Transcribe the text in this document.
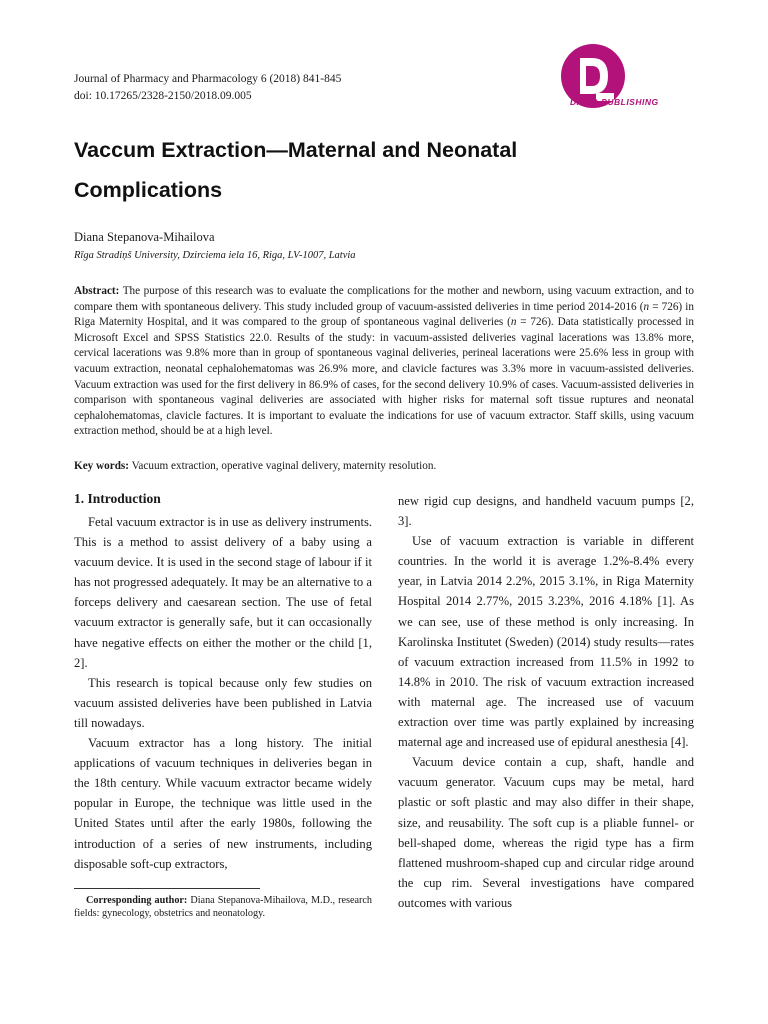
Journal of Pharmacy and Pharmacology 6 (2018) 841-845
doi: 10.17265/2328-2150/2018.09.005	DAVID PUBLISHING
Vaccum Extraction—Maternal and Neonatal
Complications
Diana Stepanova-Mihailova
Rīga Stradiņš University, Dzirciema iela 16, Riga, LV-1007, Latvia
Abstract: The purpose of this research was to evaluate the complications for the mother and newborn, using vacuum extraction, and to compare them with spontaneous delivery. This study included group of vacuum-assisted deliveries in time period 2014-2016 (n = 726) in Riga Maternity Hospital, and it was compared to the group of spontaneous vaginal deliveries (n = 726). Data statistically processed in Microsoft Excel and SPSS Statistics 22.0. Results of the study: in vacuum-assisted deliveries vaginal lacerations was 13.8% more, cervical lacerations was 9.8% more than in group of spontaneous vaginal deliveries, perineal lacerations were 25.6% less in group with vacuum extraction, neonatal cephalohematomas was 26.9% more, and clavicle factures was 3.3% more in vacuum-assisted deliveries. Vacuum extraction was used for the first delivery in 86.9% of cases, for the second delivery 10.9% of cases. Vacuum-assisted deliveries in comparison with spontaneous vaginal deliveries are associated with higher risks for maternal soft tissue ruptures and neonatal cephalohematomas, clavicle factures. It is important to evaluate the indications for use of vacuum extractor. Staff skills, using vacuum extraction method, should be at a high level.
Key words: Vacuum extraction, operative vaginal delivery, maternity resolution.
1. Introduction

Fetal vacuum extractor is in use as delivery instruments. This is a method to assist delivery of a baby using a vacuum device. It is used in the second stage of labour if it has not progressed adequately. It may be an alternative to a forceps delivery and caesarean section. The use of fetal vacuum extractor is generally safe, but it can occasionally have negative effects on either the mother or the child [1, 2].

This research is topical because only few studies on vacuum assisted deliveries have been published in Latvia till nowadays.

Vacuum extractor has a long history. The initial applications of vacuum techniques in deliveries began in the 18th century. While vacuum extractor became widely popular in Europe, the technique was little used in the United States until after the early 1980s, following the introduction of a series of new instruments, including disposable soft-cup extractors,

new rigid cup designs, and handheld vacuum pumps [2, 3].

Use of vacuum extraction is variable in different countries. In the world it is average 1.2%-8.4% every year, in Latvia 2014 2.2%, 2015 3.1%, in Riga Maternity Hospital 2014 2.77%, 2015 3.23%, 2016 4.18% [1]. As we can see, use of these method is only increasing. In Karolinska Institutet (Sweden) (2014) study results—rates of vacuum extraction increased from 11.5% in 1992 to 14.8% in 2010. The risk of vacuum extraction increased with maternal age. The increased use of vacuum extraction over time was partly explained by increasing maternal age and increased use of epidural anesthesia [4].

Vacuum device contain a cup, shaft, handle and vacuum generator. Vacuum cups may be metal, hard plastic or soft plastic and may also differ in their shape, size, and reusability. The soft cup is a pliable funnel- or bell-shaped dome, whereas the rigid type has a firm flattened mushroom-shaped cup and circular ridge around the cup rim. Several investigations have compared outcomes with various

Corresponding author: Diana Stepanova-Mihailova, M.D., research fields: gynecology, obstetrics and neonatology.
